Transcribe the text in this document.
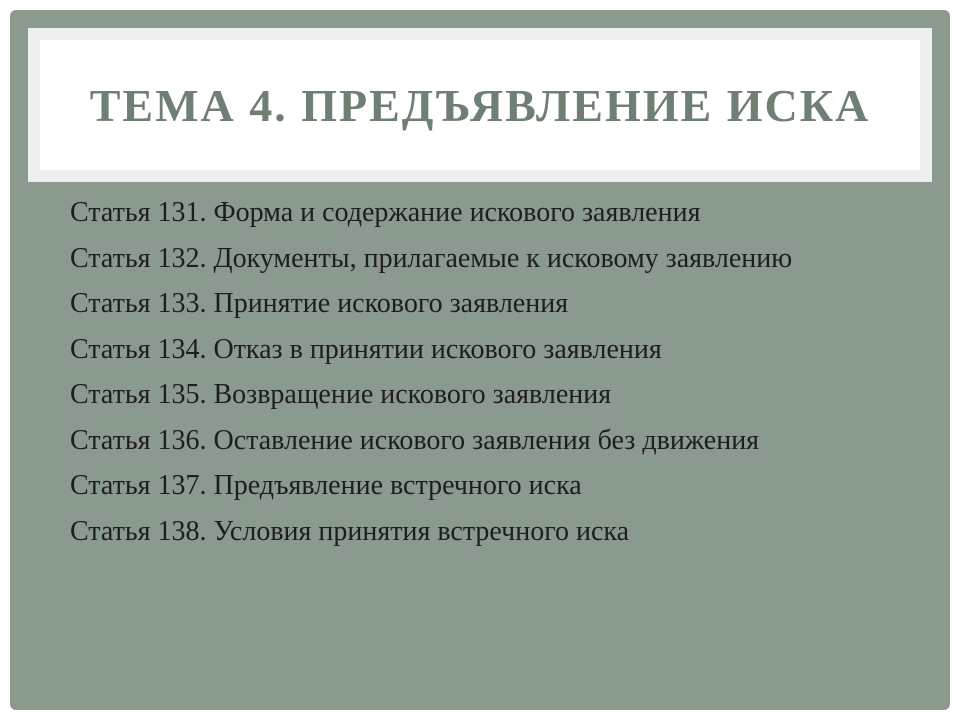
ТЕМА 4. ПРЕДЪЯВЛЕНИЕ ИСКА
Статья 131. Форма и содержание искового заявления
Статья 132. Документы, прилагаемые к исковому заявлению
Статья 133. Принятие искового заявления
Статья 134. Отказ в принятии искового заявления
Статья 135. Возвращение искового заявления
Статья 136. Оставление искового заявления без движения
Статья 137. Предъявление встречного иска
Статья 138. Условия принятия встречного иска
